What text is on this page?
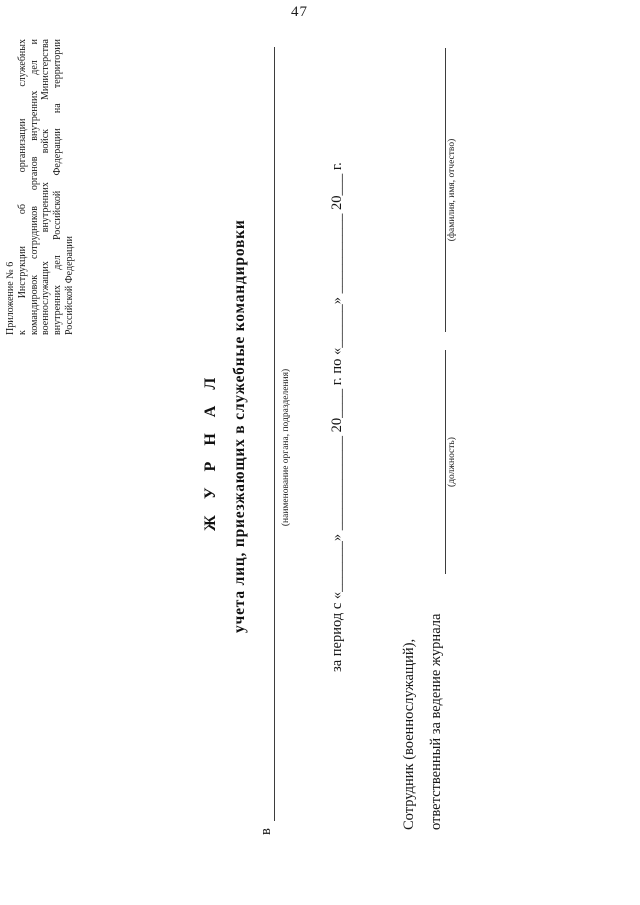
47
Приложение № 6 к Инструкции об организации служебных командировок сотрудников органов внутренних дел и военнослужащих внутренних войск Министерства внутренних дел Российской Федерации на территории Российской Федерации
Ж У Р Н А Л учета лиц, приезжающих в служебные командировки
в
(наименование органа, подразделения)	за период с «_______» _____________ 20____ г. по «______» ___________ 20___ г.
Сотрудник (военнослужащий), ответственный за ведение журнала
(должность)
(фамилия, имя, отчество)
